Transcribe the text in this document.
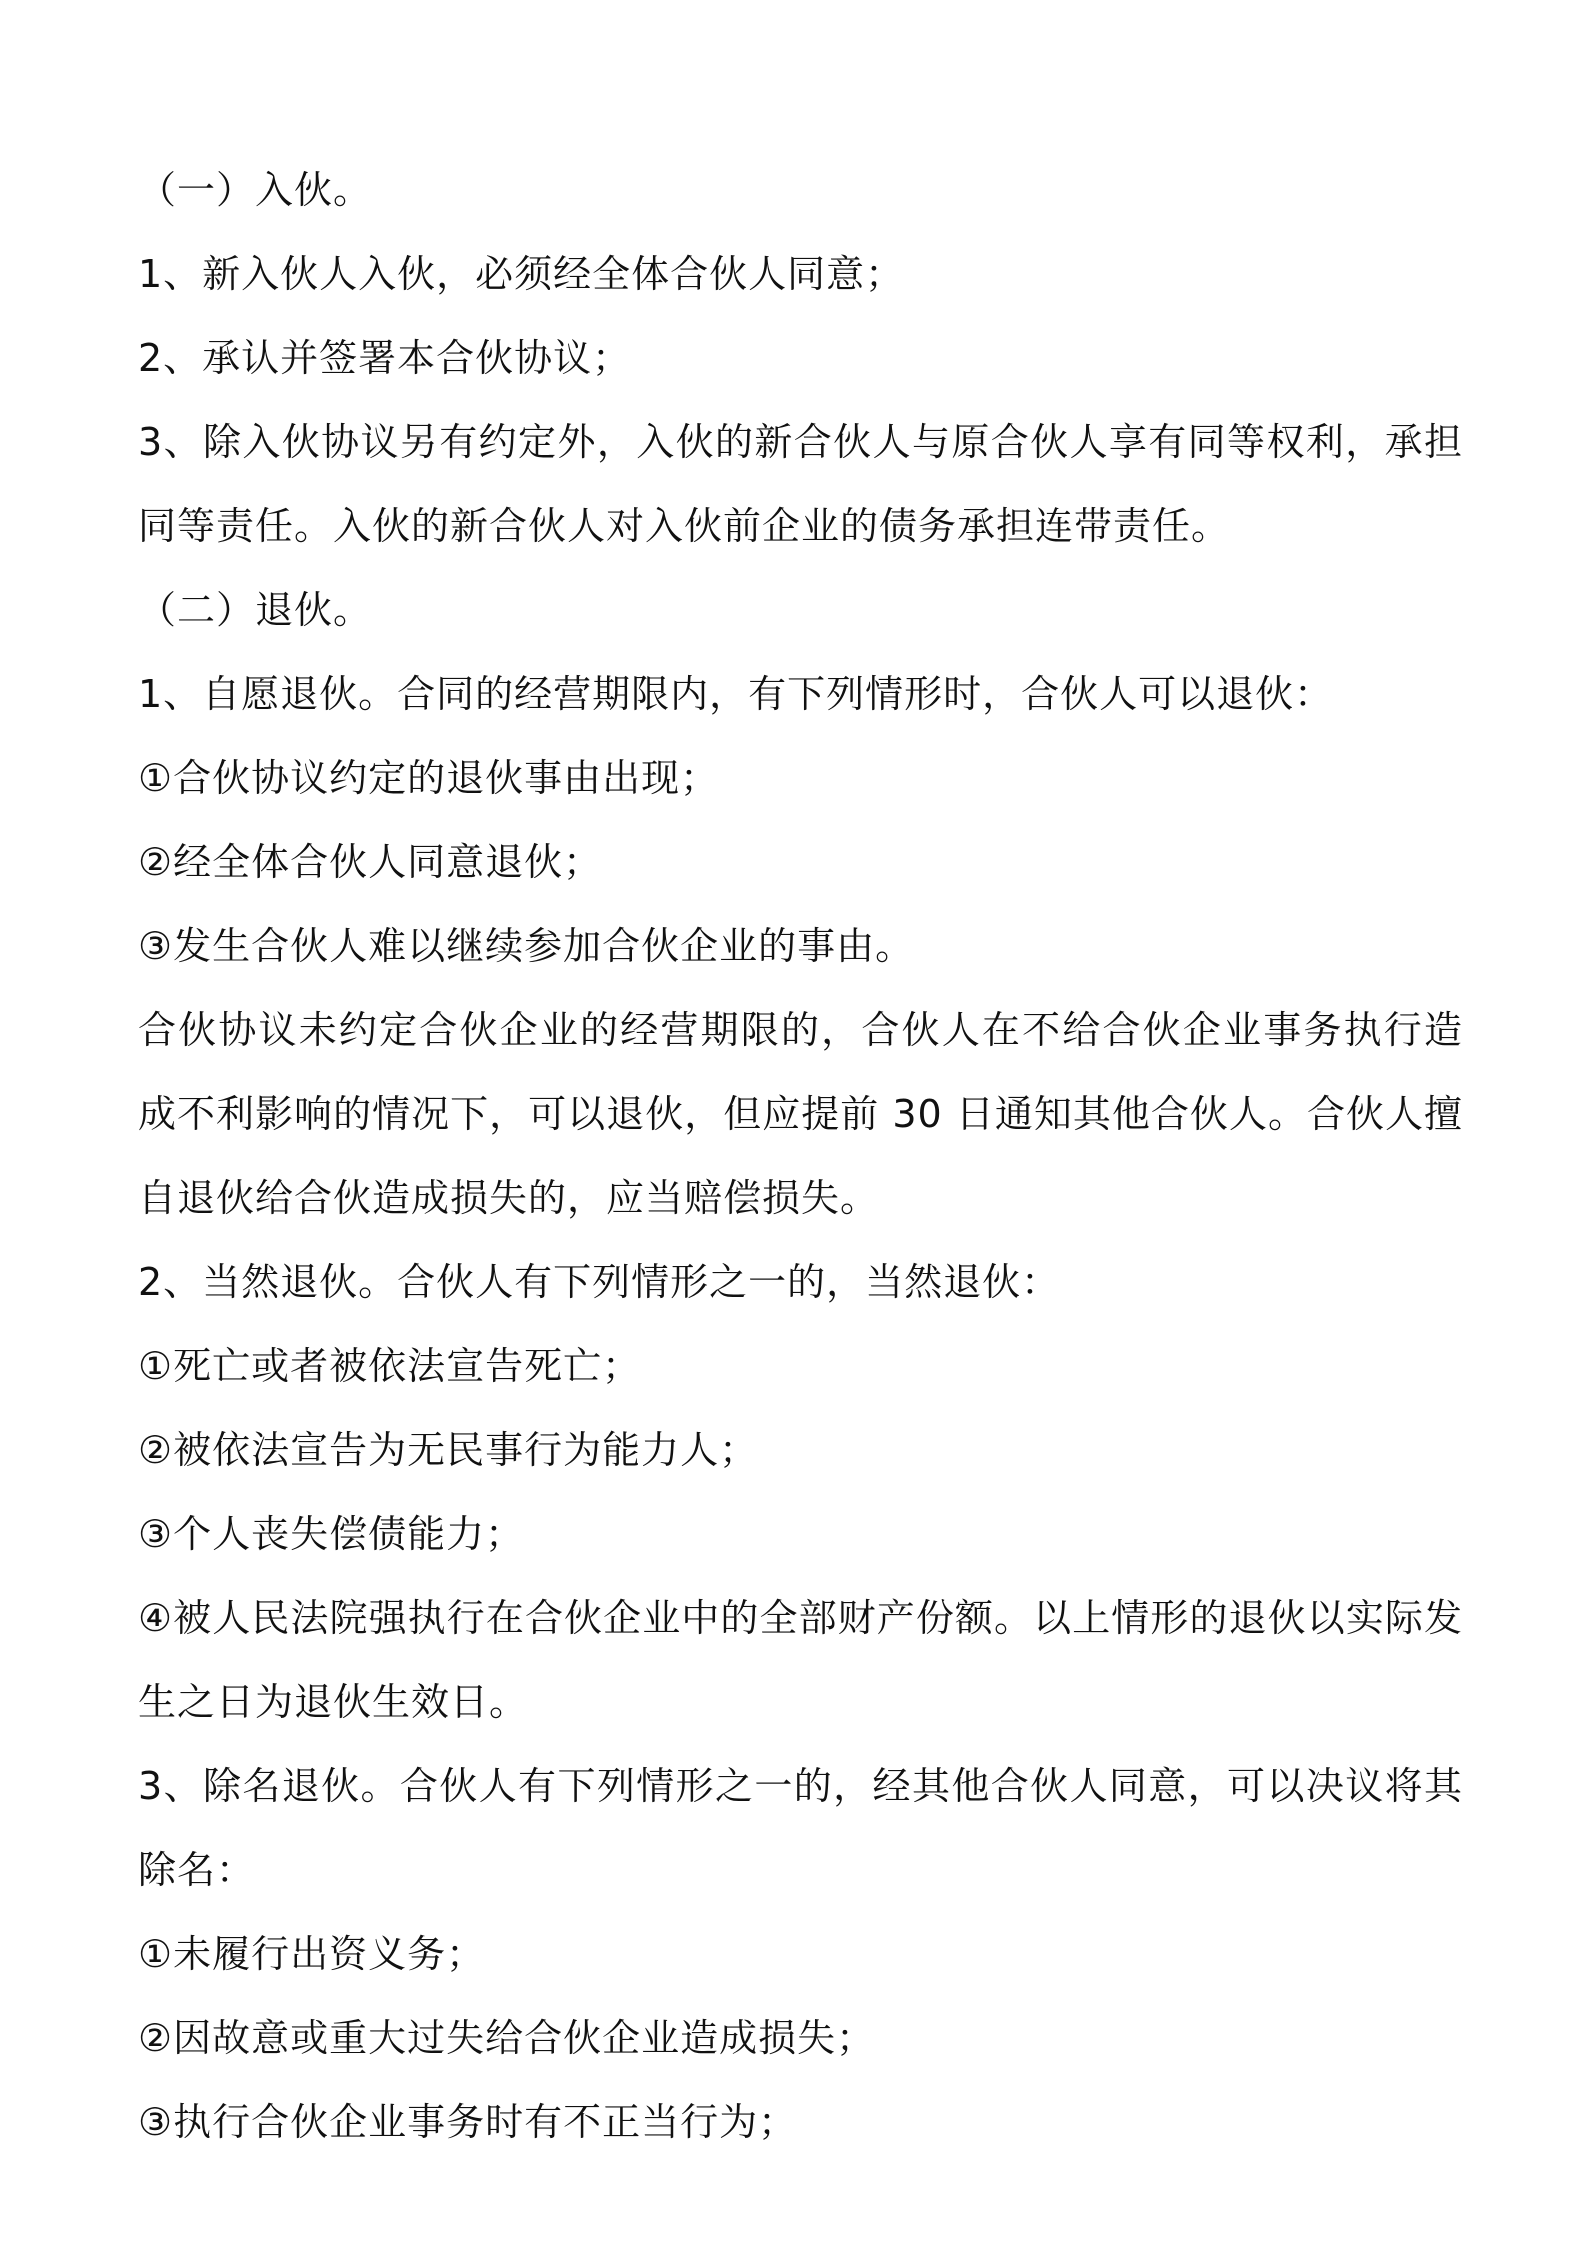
（一）入伙。

1、新入伙人入伙，必须经全体合伙人同意；

2、承认并签署本合伙协议；

3、除入伙协议另有约定外，入伙的新合伙人与原合伙人享有同等权利，承担同等责任。入伙的新合伙人对入伙前企业的债务承担连带责任。

（二）退伙。

1、自愿退伙。合同的经营期限内，有下列情形时，合伙人可以退伙：

①合伙协议约定的退伙事由出现；

②经全体合伙人同意退伙；

③发生合伙人难以继续参加合伙企业的事由。

合伙协议未约定合伙企业的经营期限的，合伙人在不给合伙企业事务执行造成不利影响的情况下，可以退伙，但应提前 30 日通知其他合伙人。合伙人擅自退伙给合伙造成损失的，应当赔偿损失。

2、当然退伙。合伙人有下列情形之一的，当然退伙：

①死亡或者被依法宣告死亡；

②被依法宣告为无民事行为能力人；

③个人丧失偿债能力；

④被人民法院强执行在合伙企业中的全部财产份额。以上情形的退伙以实际发生之日为退伙生效日。

3、除名退伙。合伙人有下列情形之一的，经其他合伙人同意，可以决议将其除名：

①未履行出资义务；

②因故意或重大过失给合伙企业造成损失；

③执行合伙企业事务时有不正当行为；
